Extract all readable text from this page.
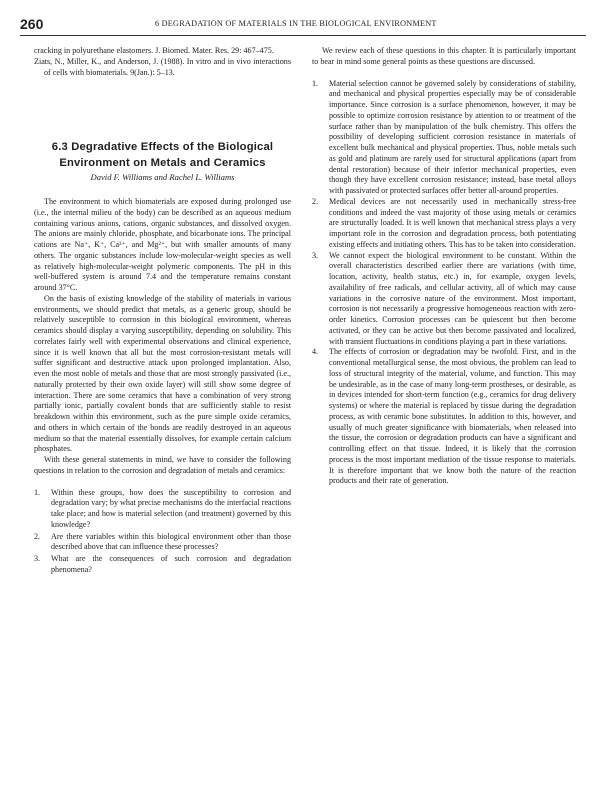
260	6 DEGRADATION OF MATERIALS IN THE BIOLOGICAL ENVIRONMENT

cracking in polyurethane elastomers. J. Biomed. Mater. Res. 29: 467–475.

Ziats, N., Miller, K., and Anderson, J. (1988). In vitro and in vivo interactions of cells with biomaterials. 9(Jan.): 5–13.

6.3 Degradative Effects of the Biological Environment on Metals and Ceramics
David F. Williams and Rachel L. Williams

The environment to which biomaterials are exposed during prolonged use (i.e., the internal milieu of the body) can be described as an aqueous medium containing various anions, cations, organic substances, and dissolved oxygen. The anions are mainly chloride, phosphate, and bicarbonate ions. The principal cations are Na⁺, K⁺, Ca²⁺, and Mg²⁺, but with smaller amounts of many others. The organic substances include low-molecular-weight species as well as relatively high-molecular-weight polymeric components. The pH in this well-buffered system is around 7.4 and the temperature remains constant around 37°C.

On the basis of existing knowledge of the stability of materials in various environments, we should predict that metals, as a generic group, should be relatively susceptible to corrosion in this biological environment, whereas ceramics should display a varying susceptibility, depending on solubility. This correlates fairly well with experimental observations and clinical experience, since it is well known that all but the most corrosion-resistant metals will suffer significant and destructive attack upon prolonged implantation. Also, even the most noble of metals and those that are most strongly passivated (i.e., naturally protected by their own oxide layer) will still show some degree of interaction. There are some ceramics that have a combination of very strong partially ionic, partially covalent bonds that are sufficiently stable to resist breakdown within this environment, such as the pure simple oxide ceramics, and others in which certain of the bonds are readily destroyed in an aqueous medium so that the material essentially dissolves, for example certain calcium phosphates.

With these general statements in mind, we have to consider the following questions in relation to the corrosion and degradation of metals and ceramics:

1. Within these groups, how does the susceptibility to corrosion and degradation vary; by what precise mechanisms do the interfacial reactions take place; and how is material selection (and treatment) governed by this knowledge?
2. Are there variables within this biological environment other than those described above that can influence these processes?
3. What are the consequences of such corrosion and degradation phenomena?

We review each of these questions in this chapter. It is particularly important to bear in mind some general points as these questions are discussed.

1. Material selection cannot be governed solely by considerations of stability, and mechanical and physical properties especially may be of considerable importance. Since corrosion is a surface phenomenon, however, it may be possible to optimize corrosion resistance by attention to or treatment of the surface rather than by manipulation of the bulk chemistry. This offers the possibility of developing sufficient corrosion resistance in materials of excellent bulk mechanical and physical properties. Thus, noble metals such as gold and platinum are rarely used for structural applications (apart from dental restoration) because of their inferior mechanical properties, even though they have excellent corrosion resistance; instead, base metal alloys with passivated or protected surfaces offer better all-around properties.
2. Medical devices are not necessarily used in mechanically stress-free conditions and indeed the vast majority of those using metals or ceramics are structurally loaded. It is well known that mechanical stress plays a very important role in the corrosion and degradation process, both potentiating existing effects and initiating others. This has to be taken into consideration.
3. We cannot expect the biological environment to be constant. Within the overall characteristics described earlier there are variations (with time, location, activity, health status, etc.) in, for example, oxygen levels, availability of free radicals, and cellular activity, all of which may cause variations in the corrosive nature of the environment. Most important, corrosion is not necessarily a progressive homogeneous reaction with zero-order kinetics. Corrosion processes can be quiescent but then become activated, or they can be active but then become passivated and localized, with transient fluctuations in conditions playing a part in these variations.
4. The effects of corrosion or degradation may be twofold. First, and in the conventional metallurgical sense, the most obvious, the problem can lead to loss of structural integrity of the material, volume, and function. This may be undesirable, as in the case of many long-term prostheses, or desirable, as in devices intended for short-term function (e.g., ceramics for drug delivery systems) or where the material is replaced by tissue during the degradation process, as with ceramic bone substitutes. In addition to this, however, and usually of much greater significance with biomaterials, when released into the tissue, the corrosion or degradation products can have a significant and controlling effect on that tissue. Indeed, it is likely that the corrosion process is the most important mediation of the tissue response to materials. It is therefore important that we know both the nature of the reaction products and their rate of generation.
